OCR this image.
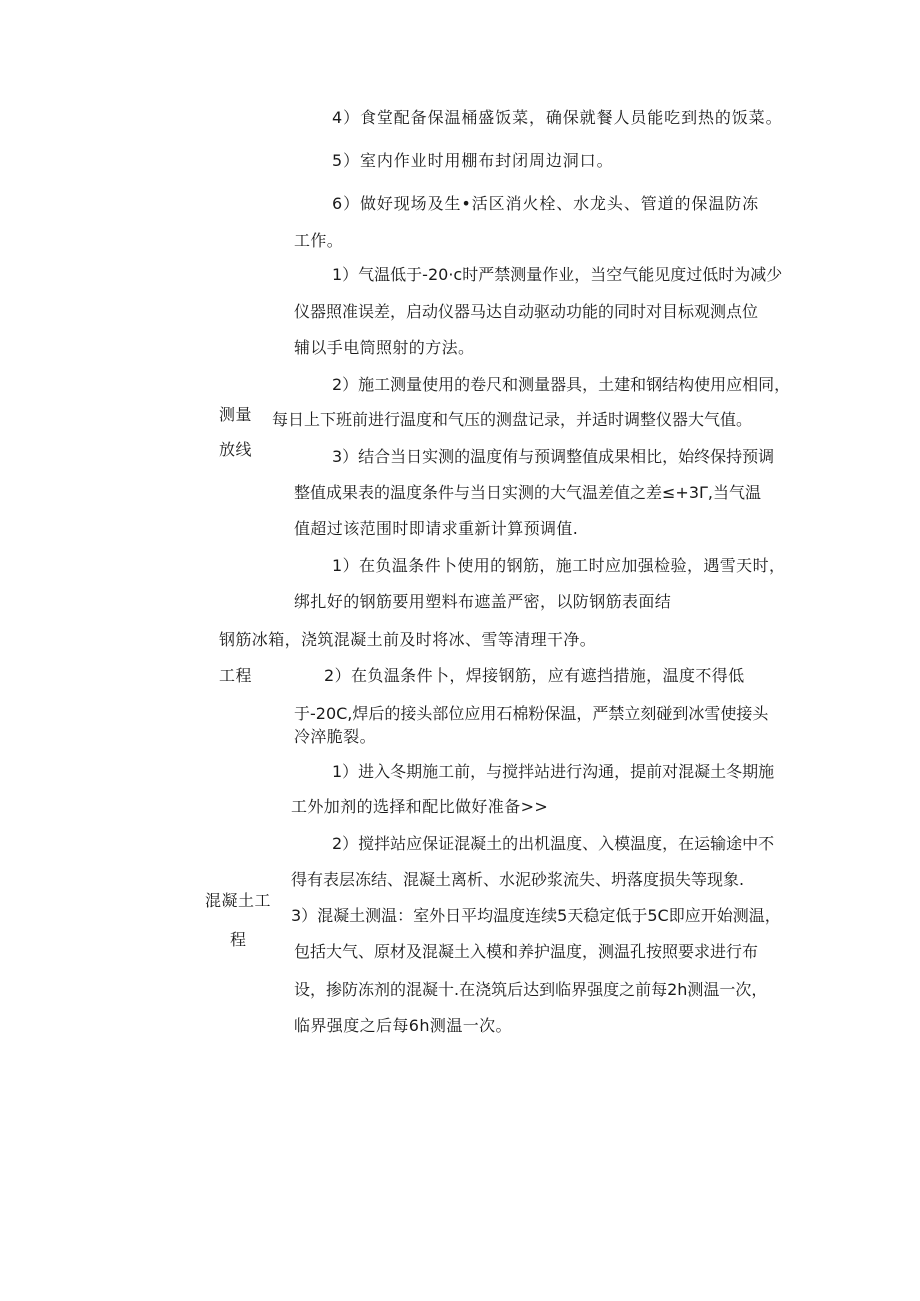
测量
放线
工程
混凝土工
程
4）食堂配备保温桶盛饭菜，确保就餐人员能吃到热的饭菜。
5）室内作业时用棚布封闭周边洞口。
6）做好现场及生•活区消火栓、水龙头、管道的保温防冻
工作。
1）气温低于-20·c时严禁测量作业，当空气能见度过低时为减少
仪器照准误差，启动仪器马达自动驱动功能的同时对目标观测点位
辅以手电筒照射的方法。
2）施工测量使用的卷尺和测量器具，土建和钢结构使用应相同，
每日上下班前进行温度和气压的测盘记录，并适时调整仪器大气值。
3）结合当日实测的温度侑与预调整值成果相比，始终保持预调
整值成果表的温度条件与当日实测的大气温差值之差≤+3Γ,当气温
值超过该范围时即请求重新计算预调值.
1）在负温条件卜使用的钢筋，施工时应加强检验，遇雪天时，
绑扎好的钢筋要用塑料布遮盖严密，以防钢筋表面结
钢筋冰箱，浇筑混凝土前及时将冰、雪等清理干净。
2）在负温条件卜，焊接钢筋，应有遮挡措施，温度不得低
于-20C,焊后的接头部位应用石棉粉保温，严禁立刻碰到冰雪使接头
冷淬脆裂。
1）进入冬期施工前，与搅拌站进行沟通，提前对混凝土冬期施
工外加剂的选择和配比做好准备>>
2）搅拌站应保证混凝土的出机温度、入模温度，在运输途中不
得有表层冻结、混凝土离析、水泥砂浆流失、坍落度损失等现象.
3）混凝土测温：室外日平均温度连续5天稳定低于5C即应开始测温，
包括大气、原材及混凝土入模和养护温度，测温孔按照要求进行布
设，掺防冻剂的混凝十.在浇筑后达到临界强度之前每2h测温一次，
临界强度之后每6h测温一次。
